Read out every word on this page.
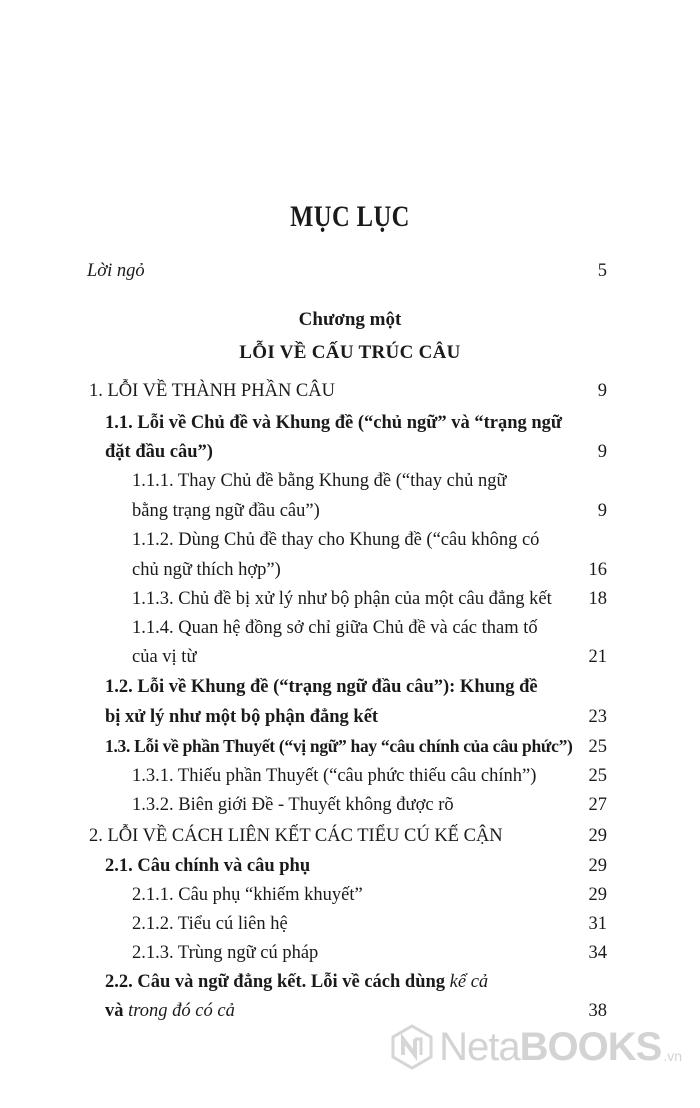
MỤC LỤC
Lời ngỏ	5
Chương một
LỖI VỀ CẤU TRÚC CÂU
1. LỖI VỀ THÀNH PHẦN CÂU	9
1.1. Lỗi về Chủ đề và Khung đề (“chủ ngữ” và “trạng ngữ
đặt đầu câu”)	9
1.1.1. Thay Chủ đề bằng Khung đề (“thay chủ ngữ
bằng trạng ngữ đầu câu”)	9
1.1.2. Dùng Chủ đề thay cho Khung đề (“câu không có
chủ ngữ thích hợp”)	16
1.1.3. Chủ đề bị xử lý như bộ phận của một câu đẳng kết 18
1.1.4. Quan hệ đồng sở chỉ giữa Chủ đề và các tham tố
của vị từ	21
1.2. Lỗi về Khung đề (“trạng ngữ đầu câu”): Khung đề
bị xử lý như một bộ phận đẳng kết	23
1.3. Lỗi về phần Thuyết (“vị ngữ” hay “câu chính của câu phức”) 25
1.3.1. Thiếu phần Thuyết (“câu phức thiếu câu chính”)	25
1.3.2. Biên giới Đề - Thuyết không được rõ	27
2. LỖI VỀ CÁCH LIÊN KẾT CÁC TIỂU CÚ KẾ CẬN	29
2.1. Câu chính và câu phụ	29
2.1.1. Câu phụ “khiếm khuyết”	29
2.1.2. Tiểu cú liên hệ	31
2.1.3. Trùng ngữ cú pháp	34
2.2. Câu và ngữ đẳng kết. Lỗi về cách dùng kể cả
và trong đó có cả	38
NetaBOOKS .vn
